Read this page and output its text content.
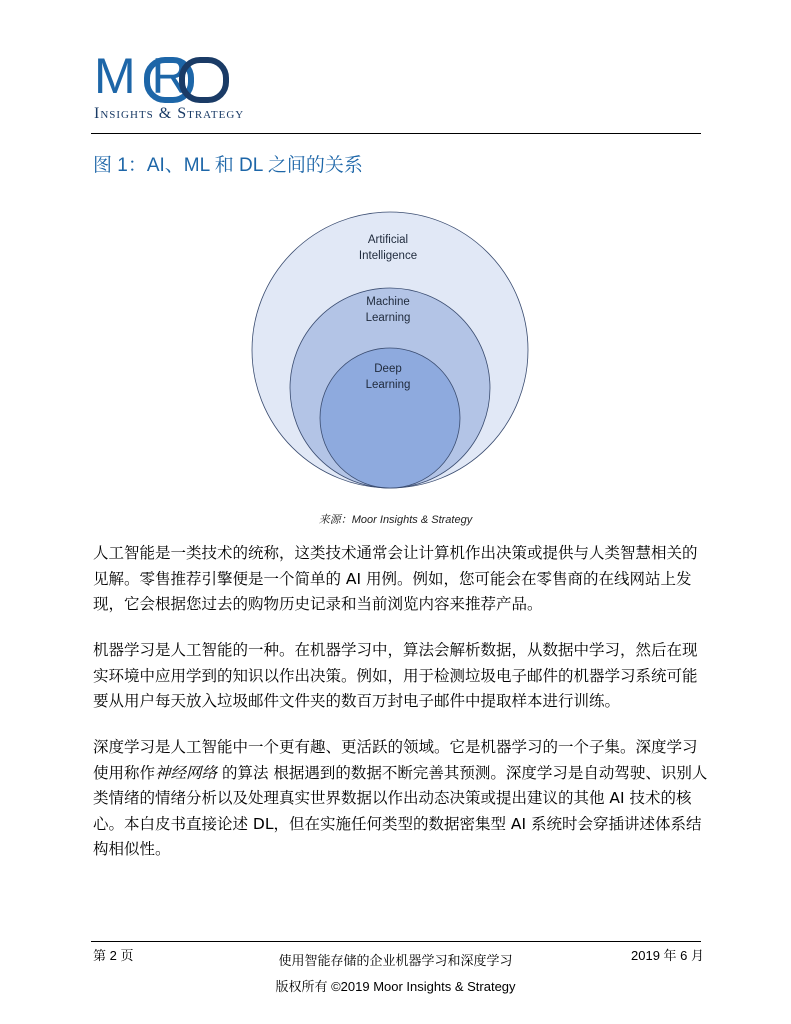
M R
Insights & Strategy
图 1：AI、ML 和 DL 之间的关系
Artificial
Intelligence
Machine
Learning
Deep
Learning
来源：Moor Insights & Strategy
人工智能是一类技术的统称，这类技术通常会让计算机作出决策或提供与人类智慧相关的见解。零售推荐引擎便是一个简单的 AI 用例。例如，您可能会在零售商的在线网站上发现，它会根据您过去的购物历史记录和当前浏览内容来推荐产品。
机器学习是人工智能的一种。在机器学习中，算法会解析数据，从数据中学习，然后在现实环境中应用学到的知识以作出决策。例如，用于检测垃圾电子邮件的机器学习系统可能要从用户每天放入垃圾邮件文件夹的数百万封电子邮件中提取样本进行训练。
深度学习是人工智能中一个更有趣、更活跃的领域。它是机器学习的一个子集。深度学习使用称作神经网络 的算法 根据遇到的数据不断完善其预测。深度学习是自动驾驶、识别人类情绪的情绪分析以及处理真实世界数据以作出动态决策或提出建议的其他 AI 技术的核心。本白皮书直接论述 DL，但在实施任何类型的数据密集型 AI 系统时会穿插讲述体系结构相似性。
第 2 页	使用智能存储的企业机器学习和深度学习	2019 年 6 月
版权所有 ©2019 Moor Insights & Strategy
